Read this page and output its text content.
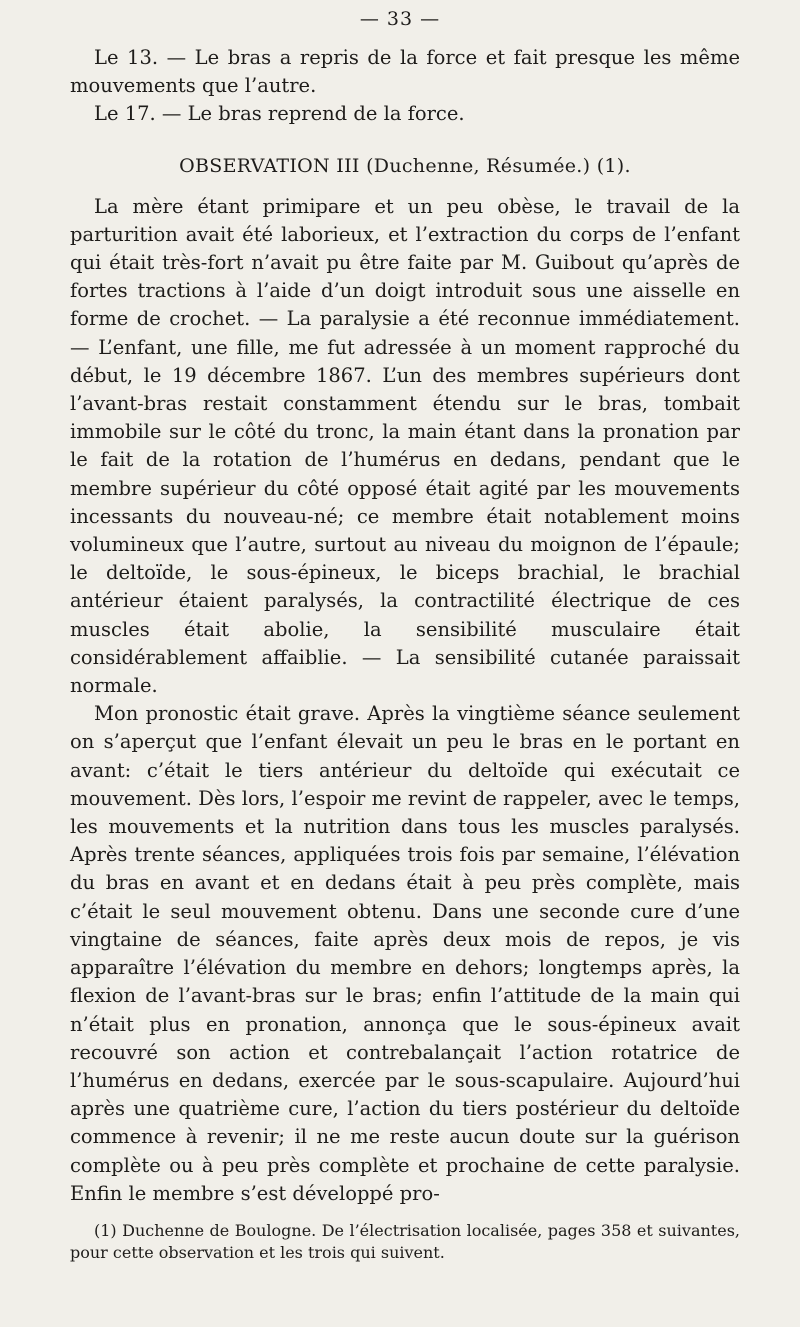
— 33 —

Le 13. — Le bras a repris de la force et fait presque les même mouvements que l’autre.

Le 17. — Le bras reprend de la force.

OBSERVATION III (Duchenne, Résumée.) (1).

La mère étant primipare et un peu obèse, le travail de la parturition avait été laborieux, et l’extraction du corps de l’enfant qui était très-fort n’avait pu être faite par M. Guibout qu’après de fortes tractions à l’aide d’un doigt introduit sous une aisselle en forme de crochet. — La paralysie a été reconnue immédiatement. — L’enfant, une fille, me fut adressée à un moment rapproché du début, le 19 décembre 1867. L’un des membres supérieurs dont l’avant-bras restait constamment étendu sur le bras, tombait immobile sur le côté du tronc, la main étant dans la pronation par le fait de la rotation de l’humérus en dedans, pendant que le membre supérieur du côté opposé était agité par les mouvements incessants du nouveau-né; ce membre était notablement moins volumineux que l’autre, surtout au niveau du moignon de l’épaule; le deltoïde, le sous-épineux, le biceps brachial, le brachial antérieur étaient paralysés, la contractilité électrique de ces muscles était abolie, la sensibilité musculaire était considérablement affaiblie. — La sensibilité cutanée paraissait normale.

Mon pronostic était grave. Après la vingtième séance seulement on s’aperçut que l’enfant élevait un peu le bras en le portant en avant: c’était le tiers antérieur du deltoïde qui exécutait ce mouvement. Dès lors, l’espoir me revint de rappeler, avec le temps, les mouvements et la nutrition dans tous les muscles paralysés. Après trente séances, appliquées trois fois par semaine, l’élévation du bras en avant et en dedans était à peu près complète, mais c’était le seul mouvement obtenu. Dans une seconde cure d’une vingtaine de séances, faite après deux mois de repos, je vis apparaître l’élévation du membre en dehors; longtemps après, la flexion de l’avant-bras sur le bras; enfin l’attitude de la main qui n’était plus en pronation, annonça que le sous-épineux avait recouvré son action et contrebalançait l’action rotatrice de l’humérus en dedans, exercée par le sous-scapulaire. Aujourd’hui après une quatrième cure, l’action du tiers postérieur du deltoïde commence à revenir; il ne me reste aucun doute sur la guérison complète ou à peu près complète et prochaine de cette paralysie. Enfin le membre s’est développé pro-

(1) Duchenne de Boulogne. De l’électrisation localisée, pages 358 et suivantes, pour cette observation et les trois qui suivent.
